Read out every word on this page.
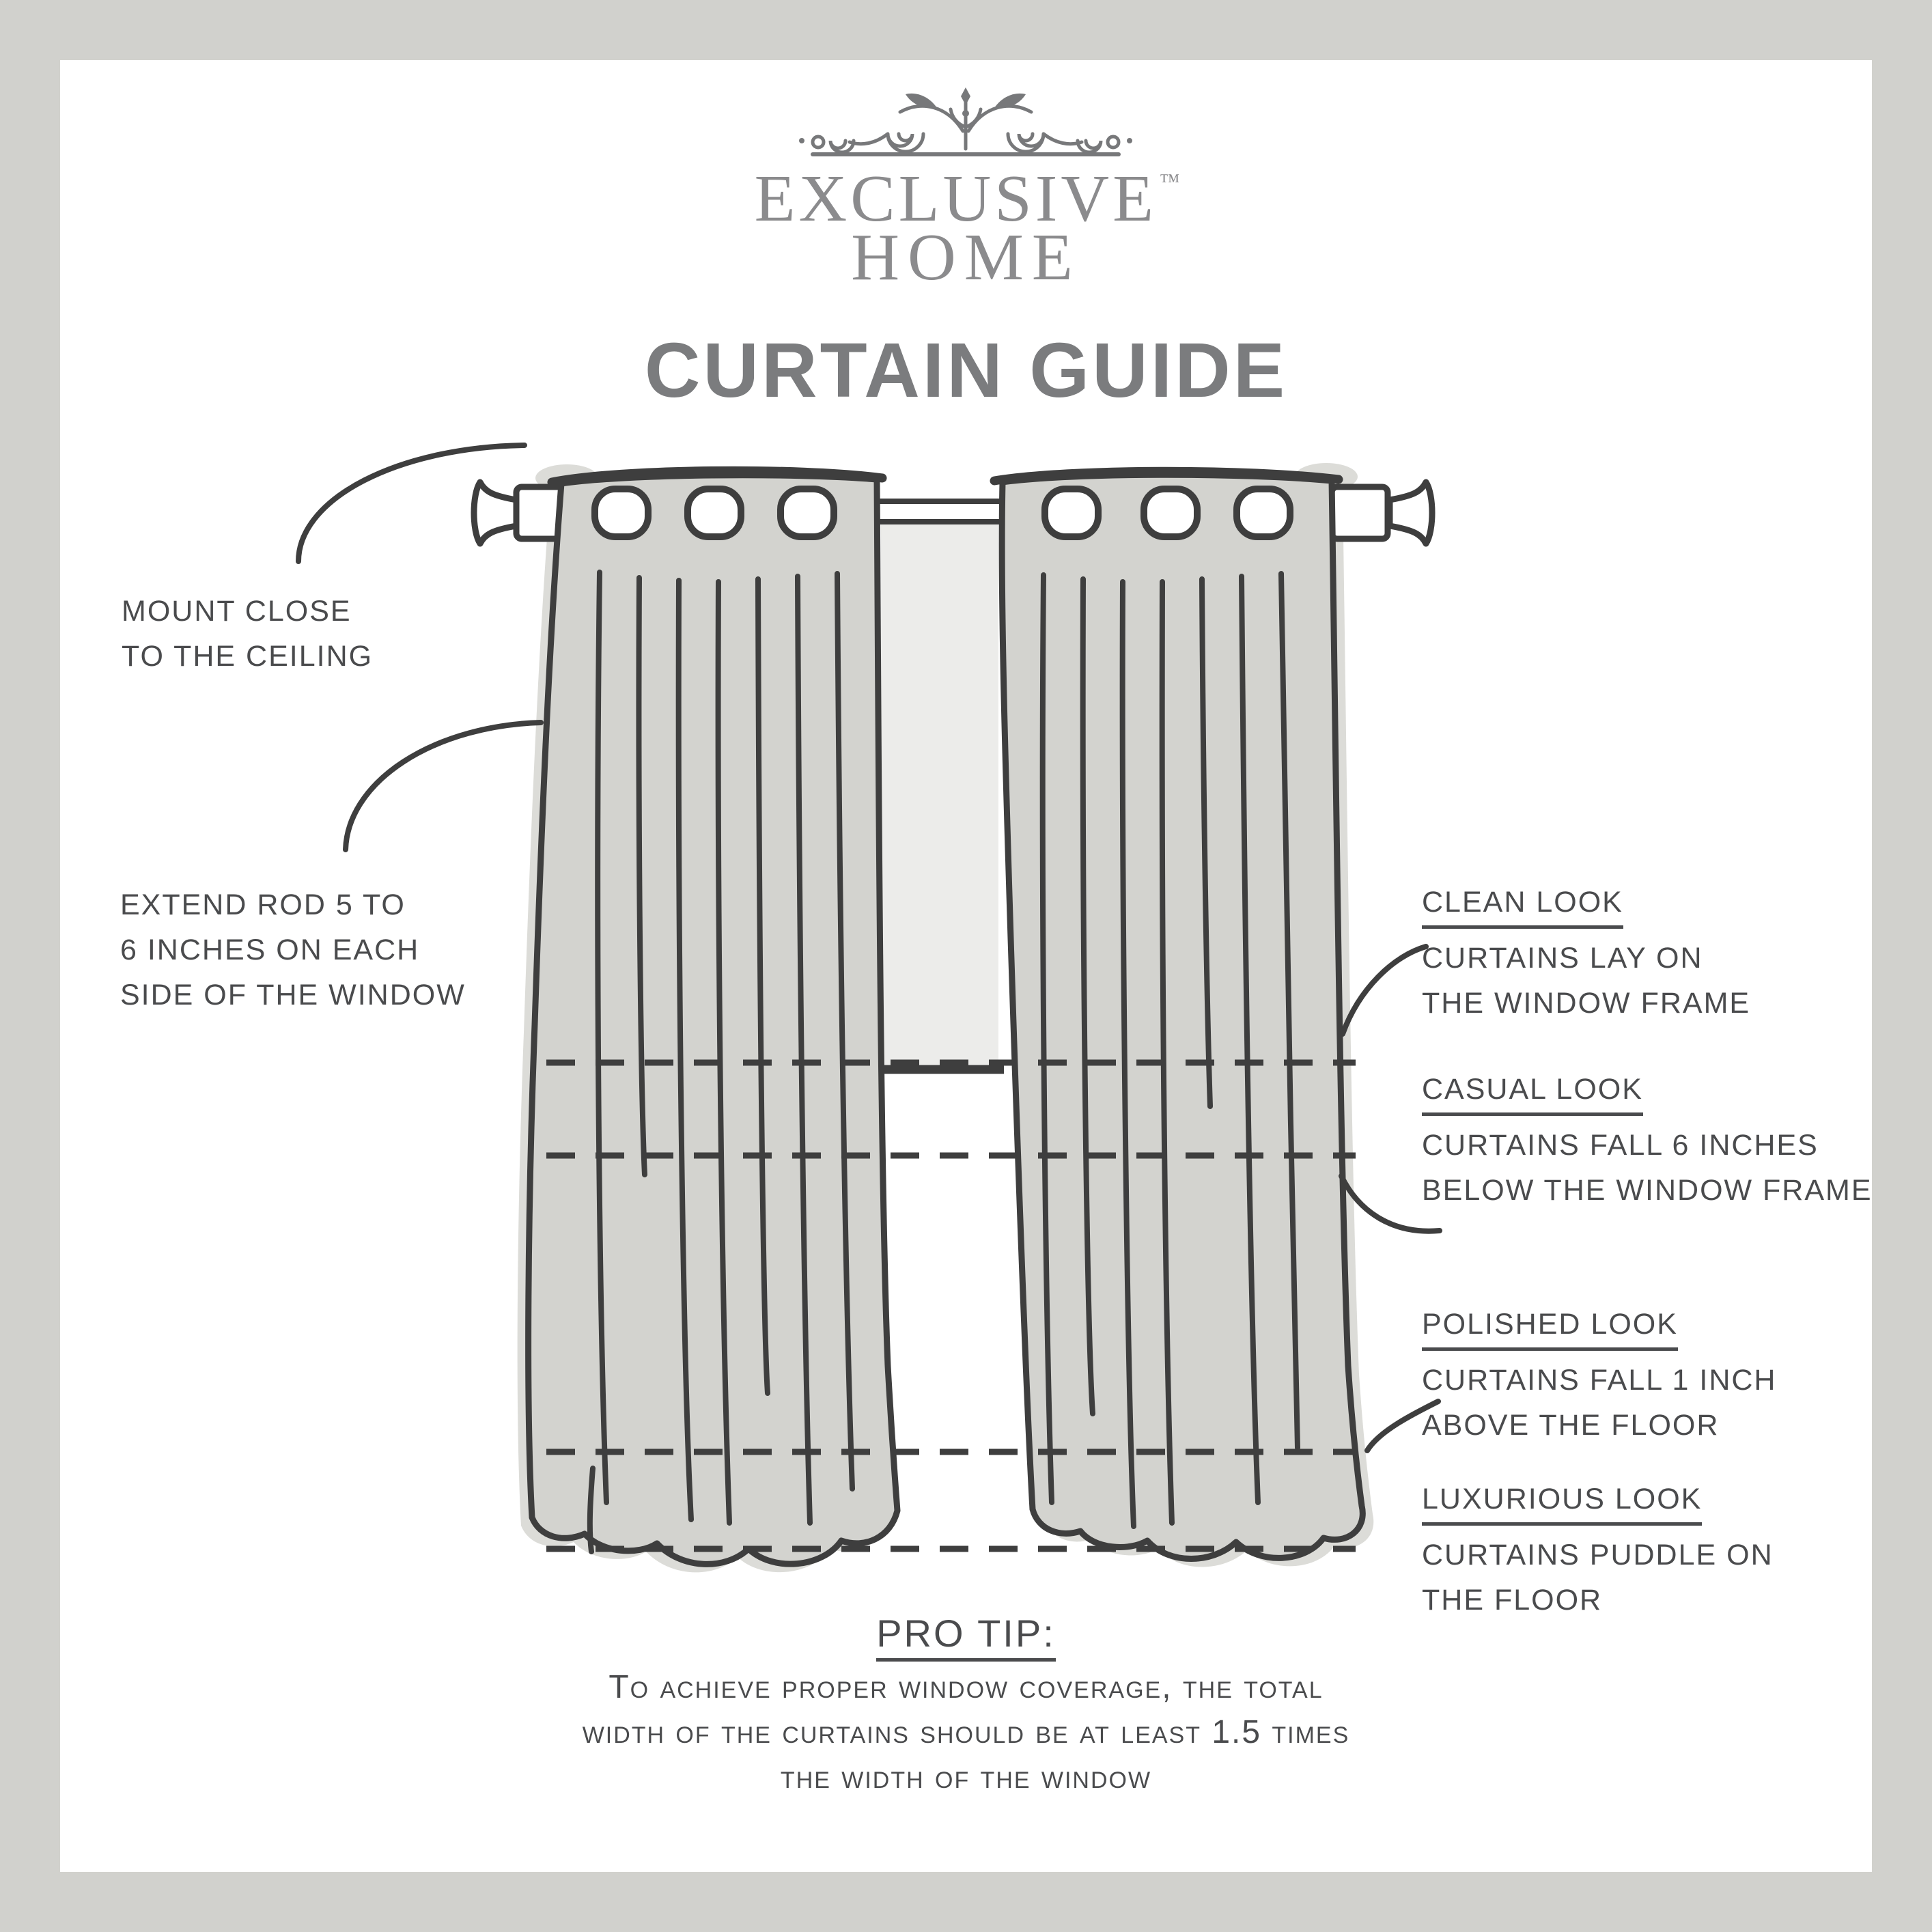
EXCLUSIVE ™
HOME
CURTAIN GUIDE
MOUNT CLOSE
TO THE CEILING
EXTEND ROD 5 TO
6 INCHES ON EACH
SIDE OF THE WINDOW
CLEAN LOOK
CURTAINS LAY ON
THE WINDOW FRAME
CASUAL LOOK
CURTAINS FALL 6 INCHES
BELOW THE WINDOW FRAME
POLISHED LOOK
CURTAINS FALL 1 INCH
ABOVE THE FLOOR
LUXURIOUS LOOK
CURTAINS PUDDLE ON
THE FLOOR
PRO TIP:
To achieve proper window coverage, the total
width of the curtains should be at least 1.5 times
the width of the window
